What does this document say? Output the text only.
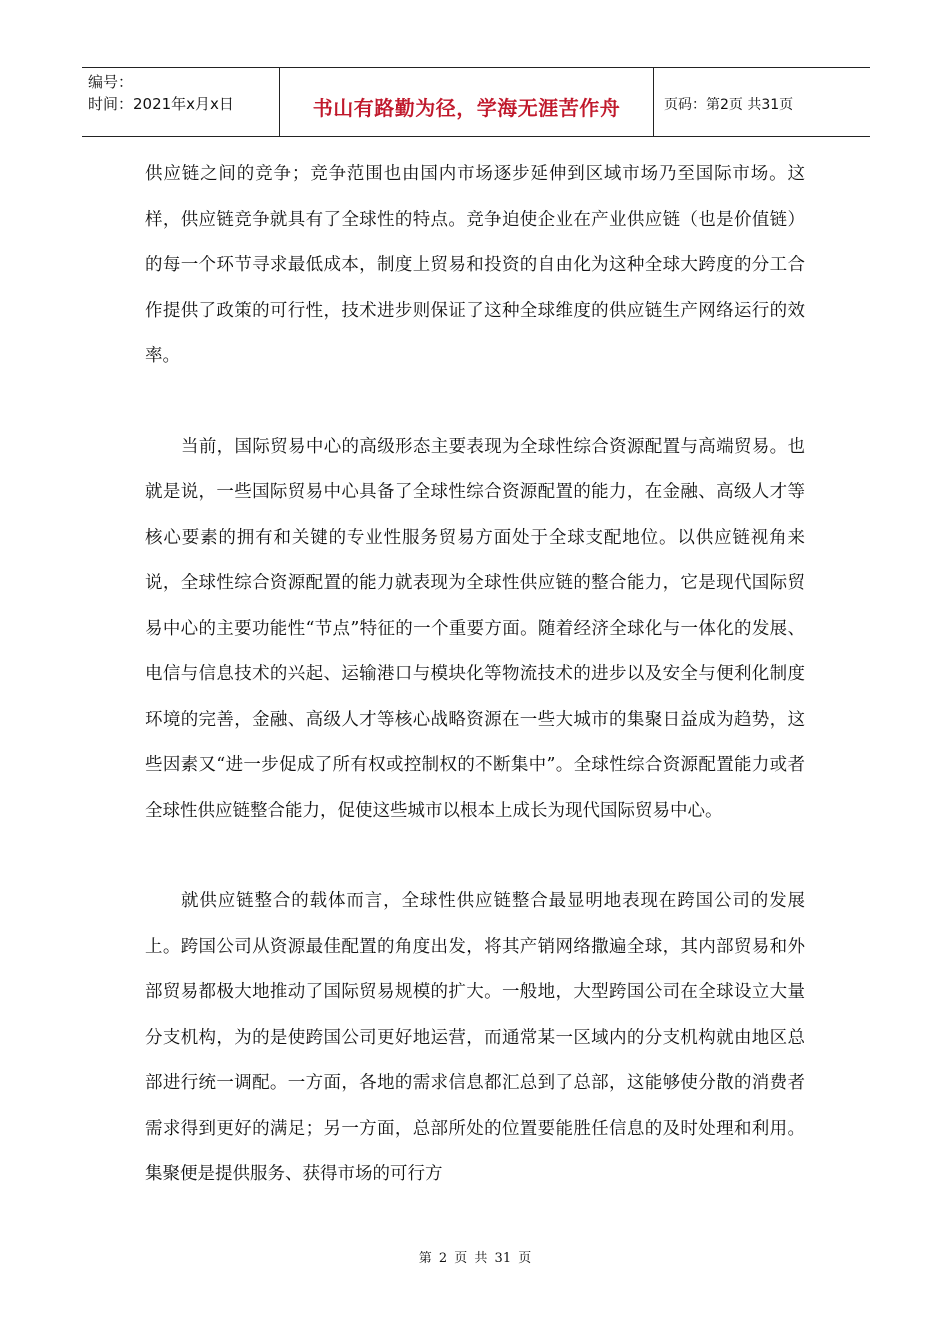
编号：
时间：2021年x月x日	书山有路勤为径，学海无涯苦作舟	页码：第2页 共31页

供应链之间的竞争；竞争范围也由国内市场逐步延伸到区域市场乃至国际市场。这样，供应链竞争就具有了全球性的特点。竞争迫使企业在产业供应链（也是价值链）的每一个环节寻求最低成本，制度上贸易和投资的自由化为这种全球大跨度的分工合作提供了政策的可行性，技术进步则保证了这种全球维度的供应链生产网络运行的效率。

当前，国际贸易中心的高级形态主要表现为全球性综合资源配置与高端贸易。也就是说，一些国际贸易中心具备了全球性综合资源配置的能力，在金融、高级人才等核心要素的拥有和关键的专业性服务贸易方面处于全球支配地位。以供应链视角来说，全球性综合资源配置的能力就表现为全球性供应链的整合能力，它是现代国际贸易中心的主要功能性“节点”特征的一个重要方面。随着经济全球化与一体化的发展、电信与信息技术的兴起、运输港口与模块化等物流技术的进步以及安全与便利化制度环境的完善，金融、高级人才等核心战略资源在一些大城市的集聚日益成为趋势，这些因素又“进一步促成了所有权或控制权的不断集中”。全球性综合资源配置能力或者全球性供应链整合能力，促使这些城市以根本上成长为现代国际贸易中心。

就供应链整合的载体而言，全球性供应链整合最显明地表现在跨国公司的发展上。跨国公司从资源最佳配置的角度出发，将其产销网络撒遍全球，其内部贸易和外部贸易都极大地推动了国际贸易规模的扩大。一般地，大型跨国公司在全球设立大量分支机构，为的是使跨国公司更好地运营，而通常某一区域内的分支机构就由地区总部进行统一调配。一方面，各地的需求信息都汇总到了总部，这能够使分散的消费者需求得到更好的满足；另一方面，总部所处的位置要能胜任信息的及时处理和利用。集聚便是提供服务、获得市场的可行方

第 2 页 共 31 页
